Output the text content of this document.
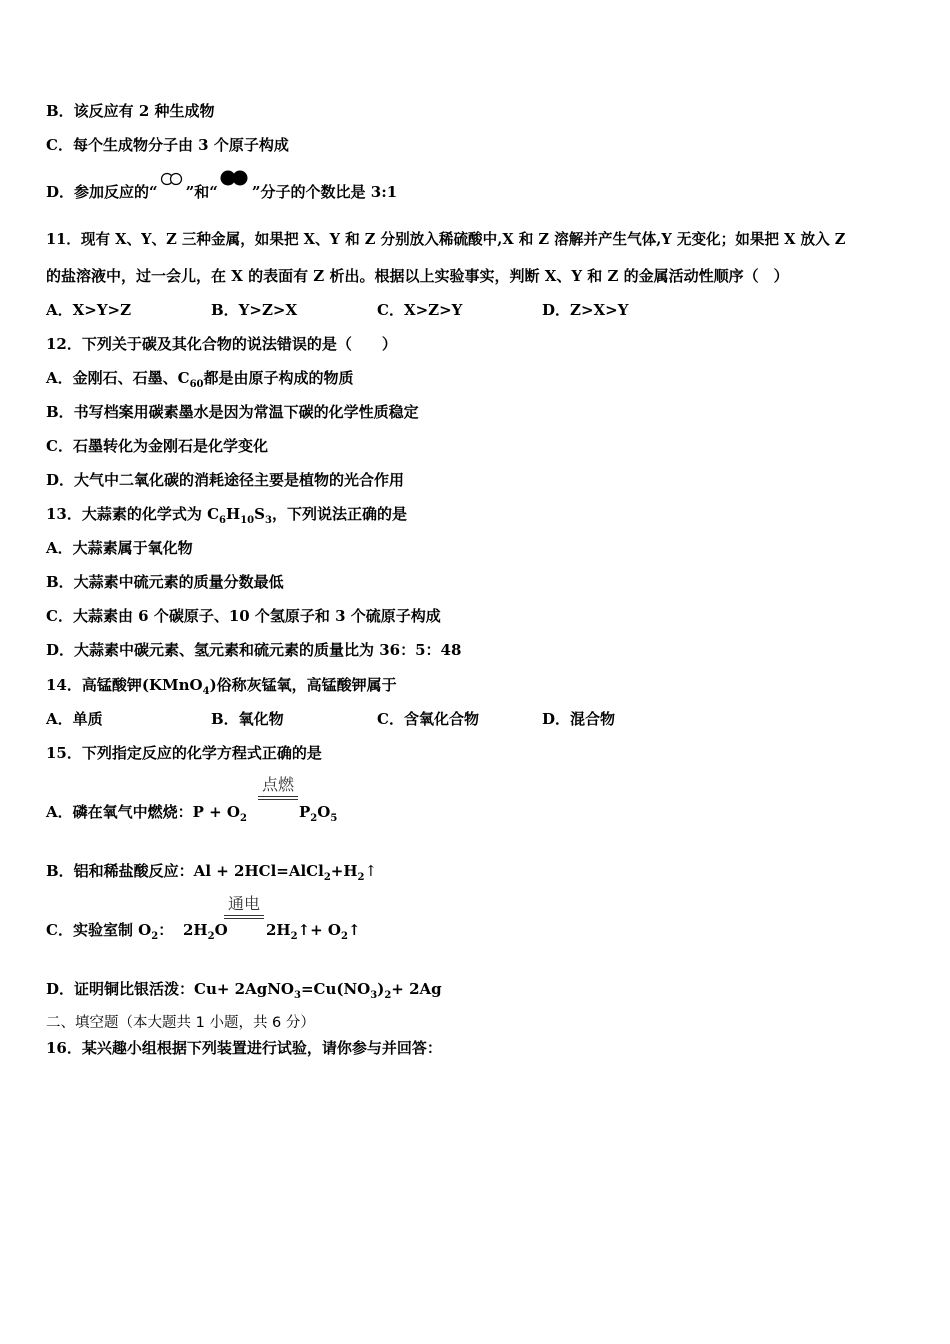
B．该反应有 2 种生成物
C．每个生成物分子由 3 个原子构成
D．参加反应的“ ”和“ ”分子的个数比是 3:1
11．现有 X、Y、Z 三种金属，如果把 X、Y 和 Z 分别放入稀硫酸中,X 和 Z 溶解并产生气体,Y 无变化；如果把 X 放入 Z
的盐溶液中，过一会儿，在 X 的表面有 Z 析出。根据以上实验事实，判断 X、Y 和 Z 的金属活动性顺序（　）
A．X>Y>Z	B．Y>Z>X	C．X>Z>Y	D．Z>X>Y
12．下列关于碳及其化合物的说法错误的是（　　）
A．金刚石、石墨、$C_{60}$都是由原子构成的物质
B．书写档案用碳素墨水是因为常温下碳的化学性质稳定
C．石墨转化为金刚石是化学变化
D．大气中二氧化碳的消耗途径主要是植物的光合作用
13．大蒜素的化学式为 $C_6H_{10}S_3$，下列说法正确的是
A．大蒜素属于氧化物
B．大蒜素中硫元素的质量分数最低
C．大蒜素由 6 个碳原子、10 个氢原子和 3 个硫原子构成
D．大蒜素中碳元素、氢元素和硫元素的质量比为 36：5：48
14．高锰酸钾(KMnO$_4$)俗称灰锰氧，高锰酸钾属于
A．单质	B．氧化物	C．含氧化合物	D．混合物
15．下列指定反应的化学方程式正确的是
A．磷在氧气中燃烧：$P + O_2$
点燃
$P_2O_5$
B．铝和稀盐酸反应：$Al + 2HCl=AlCl_2+H_2↑$
C．实验室制 $O_2$： $2H_2O$
通电
$2H_2↑+$ $O_2↑$
D．证明铜比银活泼：$Cu+ 2AgNO_3=Cu(NO_3)_2+ 2Ag$
二、填空题（本大题共 1 小题，共 6 分）
16．某兴趣小组根据下列装置进行试验，请你参与并回答：
